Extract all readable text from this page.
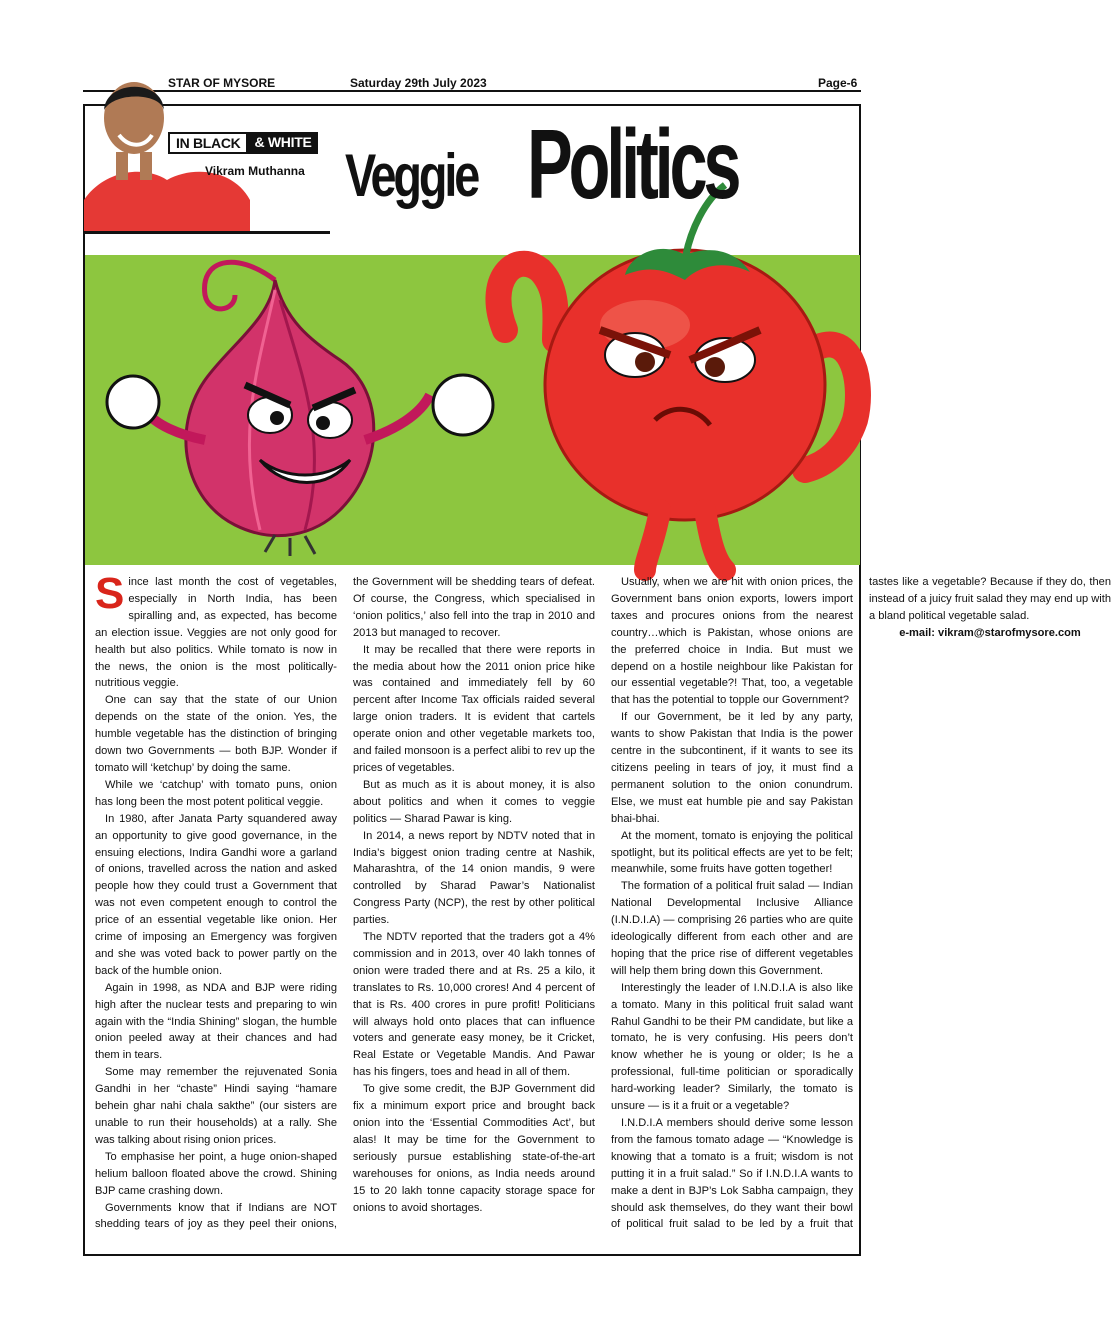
STAR OF MYSORE	Saturday 29th July 2023	Page-6
IN BLACK	& WHITE
Vikram Muthanna Veggie Politics

Since last month the cost of vegetables, especially in North India, has been spiralling and, as expected, has become an election issue. Veggies are not only good for health but also politics. While tomato is now in the news, the onion is the most politically-nutritious veggie.

One can say that the state of our Union depends on the state of the onion. Yes, the humble vegetable has the distinction of bringing down two Governments — both BJP. Wonder if tomato will ‘ketchup’ by doing the same.

While we ‘catchup’ with tomato puns, onion has long been the most potent political veggie.

In 1980, after Janata Party squandered away an opportunity to give good governance, in the ensuing elections, Indira Gandhi wore a garland of onions, travelled across the nation and asked people how they could trust a Government that was not even competent enough to control the price of an essential vegetable like onion. Her crime of imposing an Emergency was forgiven and she was voted back to power partly on the back of the humble onion.

Again in 1998, as NDA and BJP were riding high after the nuclear tests and preparing to win again with the “India Shining” slogan, the humble onion peeled away at their chances and had them in tears.

Some may remember the rejuvenated Sonia Gandhi in her “chaste” Hindi saying “hamare behein ghar nahi chala sakthe” (our sisters are unable to run their households) at a rally. She was talking about rising onion prices.

To emphasise her point, a huge onion-shaped helium balloon floated above the crowd. Shining BJP came crashing down.

Governments know that if Indians are NOT shedding tears of joy as they peel their onions, the Government will be shedding tears of defeat. Of course, the Congress, which specialised in ‘onion politics,’ also fell into the trap in 2010 and 2013 but managed to recover.

It may be recalled that there were reports in the media about how the 2011 onion price hike was contained and immediately fell by 60 percent after Income Tax officials raided several large onion traders. It is evident that cartels operate onion and other vegetable markets too, and failed monsoon is a perfect alibi to rev up the prices of vegetables.

But as much as it is about money, it is also about politics and when it comes to veggie politics — Sharad Pawar is king.

In 2014, a news report by NDTV noted that in India’s biggest onion trading centre at Nashik, Maharashtra, of the 14 onion mandis, 9 were controlled by Sharad Pawar’s Nationalist Congress Party (NCP), the rest by other political parties.

The NDTV reported that the traders got a 4% commission and in 2013, over 40 lakh tonnes of onion were traded there and at Rs. 25 a kilo, it translates to Rs. 10,000 crores! And 4 percent of that is Rs. 400 crores in pure profit! Politicians will always hold onto places that can influence voters and generate easy money, be it Cricket, Real Estate or Vegetable Mandis. And Pawar has his fingers, toes and head in all of them.

To give some credit, the BJP Government did fix a minimum export price and brought back onion into the ‘Essential Commodities Act’, but alas! It may be time for the Government to seriously pursue establishing state-of-the-art warehouses for onions, as India needs around 15 to 20 lakh tonne capacity storage space for onions to avoid shortages.

Usually, when we are hit with onion prices, the Government bans onion exports, lowers import taxes and procures onions from the nearest country…which is Pakistan, whose onions are the preferred choice in India. But must we depend on a hostile neighbour like Pakistan for our essential vegetable?! That, too, a vegetable that has the potential to topple our Government?

If our Government, be it led by any party, wants to show Pakistan that India is the power centre in the subcontinent, if it wants to see its citizens peeling in tears of joy, it must find a permanent solution to the onion conundrum. Else, we must eat humble pie and say Pakistan bhai-bhai.

At the moment, tomato is enjoying the political spotlight, but its political effects are yet to be felt; meanwhile, some fruits have gotten together!

The formation of a political fruit salad — Indian National Developmental Inclusive Alliance (I.N.D.I.A) — comprising 26 parties who are quite ideologically different from each other and are hoping that the price rise of different vegetables will help them bring down this Government.

Interestingly the leader of I.N.D.I.A is also like a tomato. Many in this political fruit salad want Rahul Gandhi to be their PM candidate, but like a tomato, he is very confusing. His peers don’t know whether he is young or older; Is he a professional, full-time politician or sporadically hard-working leader? Similarly, the tomato is unsure — is it a fruit or a vegetable?

I.N.D.I.A members should derive some lesson from the famous tomato adage — “Knowledge is knowing that a tomato is a fruit; wisdom is not putting it in a fruit salad.” So if I.N.D.I.A wants to make a dent in BJP’s Lok Sabha campaign, they should ask themselves, do they want their bowl of political fruit salad to be led by a fruit that tastes like a vegetable? Because if they do, then instead of a juicy fruit salad they may end up with a bland political vegetable salad.

e-mail: vikram@starofmysore.com
